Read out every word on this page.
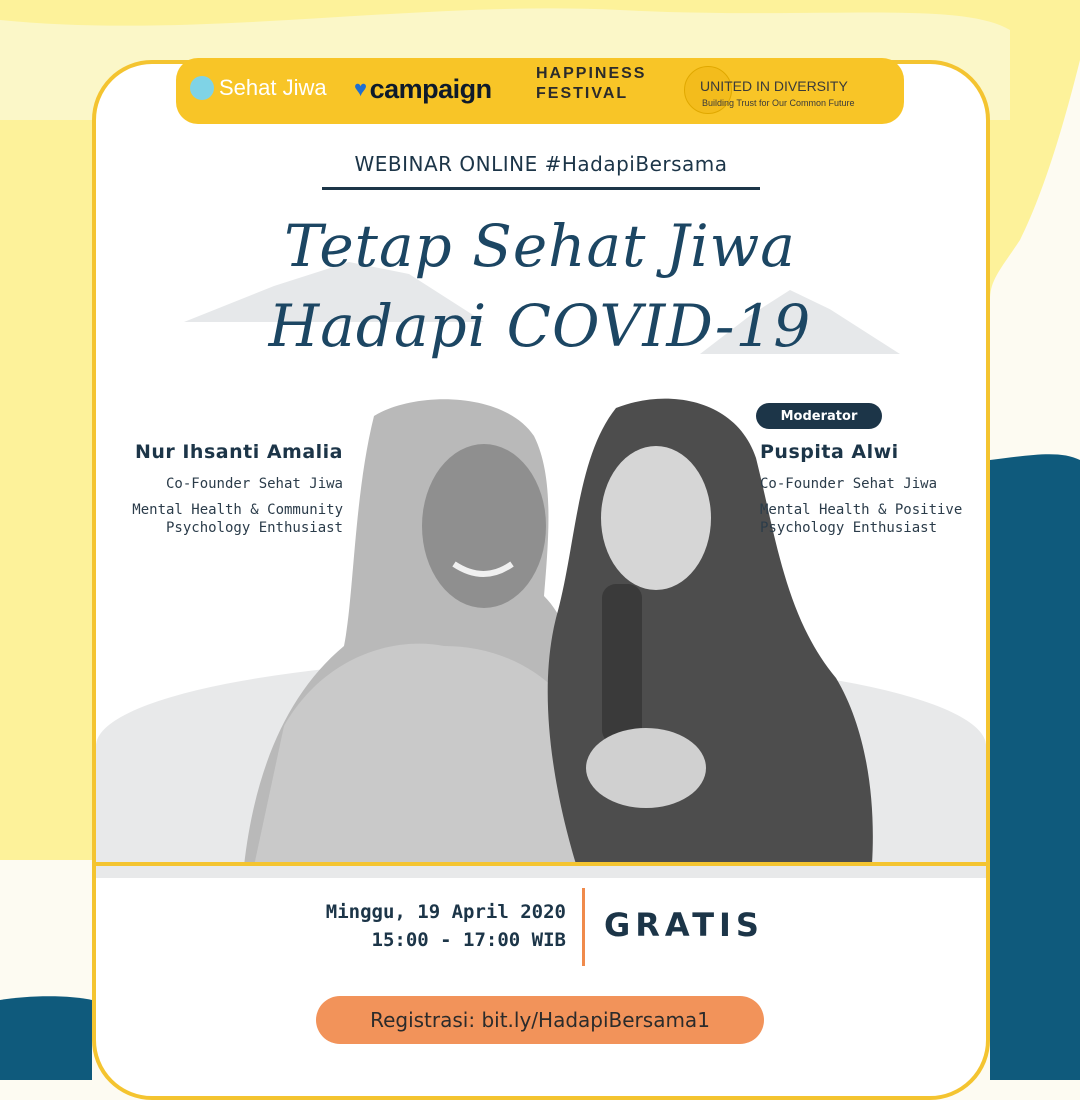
Sehat Jiwa ♥ campaign	HAPPINESS
FESTIVAL	UNITED IN DIVERSITY
Building Trust for Our Common Future
WEBINAR ONLINE #HadapiBersama
Tetap Sehat Jiwa
Hadapi COVID-19
Nur Ihsanti Amalia
Co-Founder Sehat Jiwa
Mental Health & Community
Psychology Enthusiast
Moderator
Puspita Alwi
Co-Founder Sehat Jiwa
Mental Health & Positive
Psychology Enthusiast
Minggu, 19 April 2020
15:00 - 17:00 WIB GRATIS
Registrasi: bit.ly/HadapiBersama1
